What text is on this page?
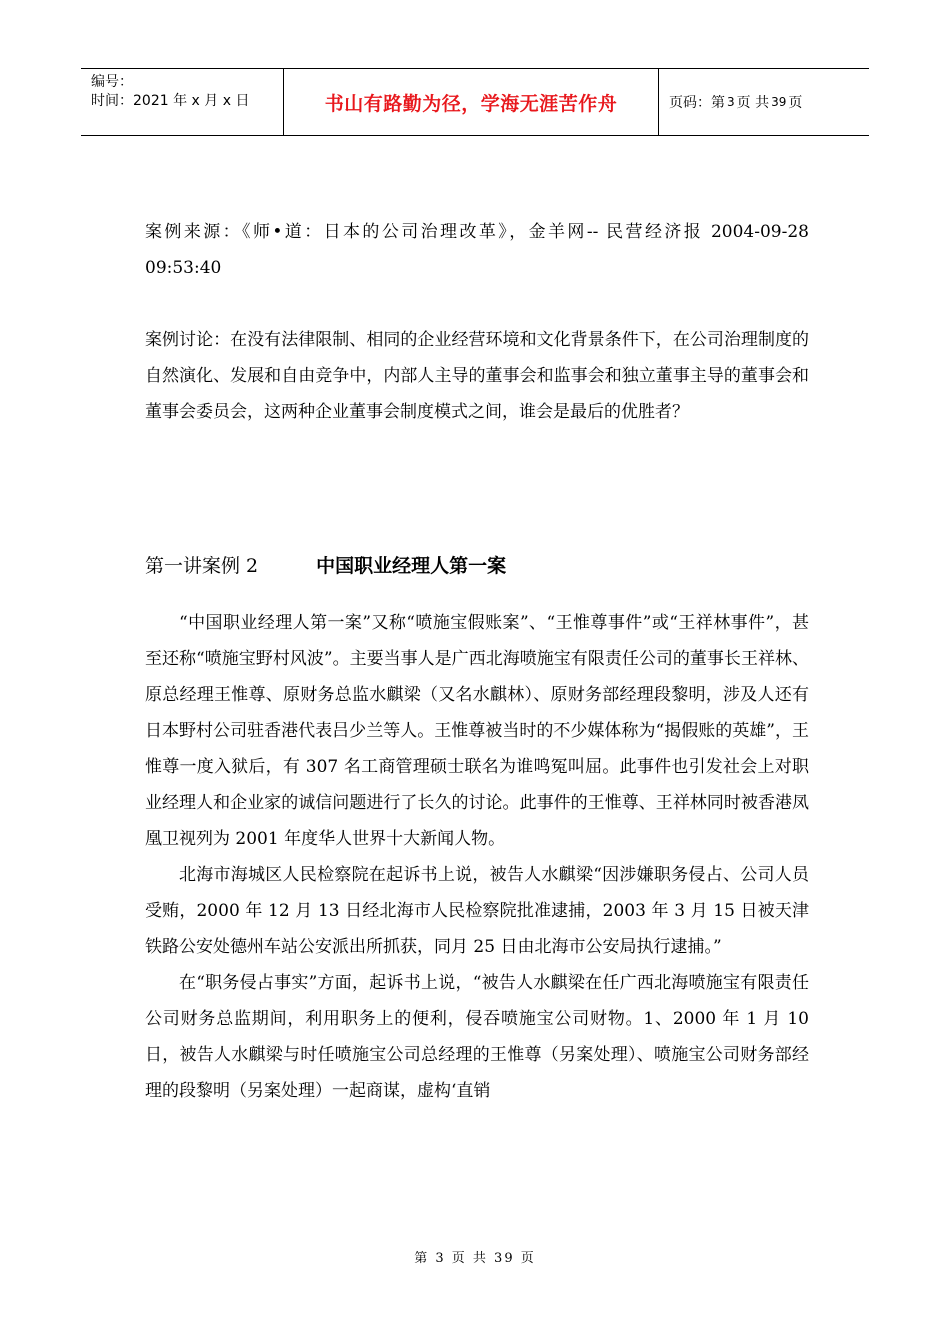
编号：
时间：2021 年 x 月 x 日	书山有路勤为径，学海无涯苦作舟	页码：第 3 页 共 39 页

案例来源：《师•道：日本的公司治理改革》，金羊网-- 民营经济报 2004-09-28 09:53:40

案例讨论：在没有法律限制、相同的企业经营环境和文化背景条件下，在公司治理制度的自然演化、发展和自由竞争中，内部人主导的董事会和监事会和独立董事主导的董事会和董事会委员会，这两种企业董事会制度模式之间，谁会是最后的优胜者？

第一讲案例 2	中国职业经理人第一案

“中国职业经理人第一案”又称“喷施宝假账案”、“王惟尊事件”或“王祥林事件”，甚至还称“喷施宝野村风波”。主要当事人是广西北海喷施宝有限责任公司的董事长王祥林、原总经理王惟尊、原财务总监水麒梁（又名水麒林）、原财务部经理段黎明，涉及人还有日本野村公司驻香港代表吕少兰等人。王惟尊被当时的不少媒体称为“揭假账的英雄”，王惟尊一度入狱后，有 307 名工商管理硕士联名为谁鸣冤叫屈。此事件也引发社会上对职业经理人和企业家的诚信问题进行了长久的讨论。此事件的王惟尊、王祥林同时被香港凤凰卫视列为 2001 年度华人世界十大新闻人物。

北海市海城区人民检察院在起诉书上说，被告人水麒梁“因涉嫌职务侵占、公司人员受贿，2000 年 12 月 13 日经北海市人民检察院批准逮捕，2003 年 3 月 15 日被天津铁路公安处德州车站公安派出所抓获，同月 25 日由北海市公安局执行逮捕。”

在“职务侵占事实”方面，起诉书上说，“被告人水麒梁在任广西北海喷施宝有限责任公司财务总监期间，利用职务上的便利，侵吞喷施宝公司财物。1、2000 年 1 月 10 日，被告人水麒梁与时任喷施宝公司总经理的王惟尊（另案处理）、喷施宝公司财务部经理的段黎明（另案处理）一起商谋，虚构‘直销

第 3 页 共 39 页
